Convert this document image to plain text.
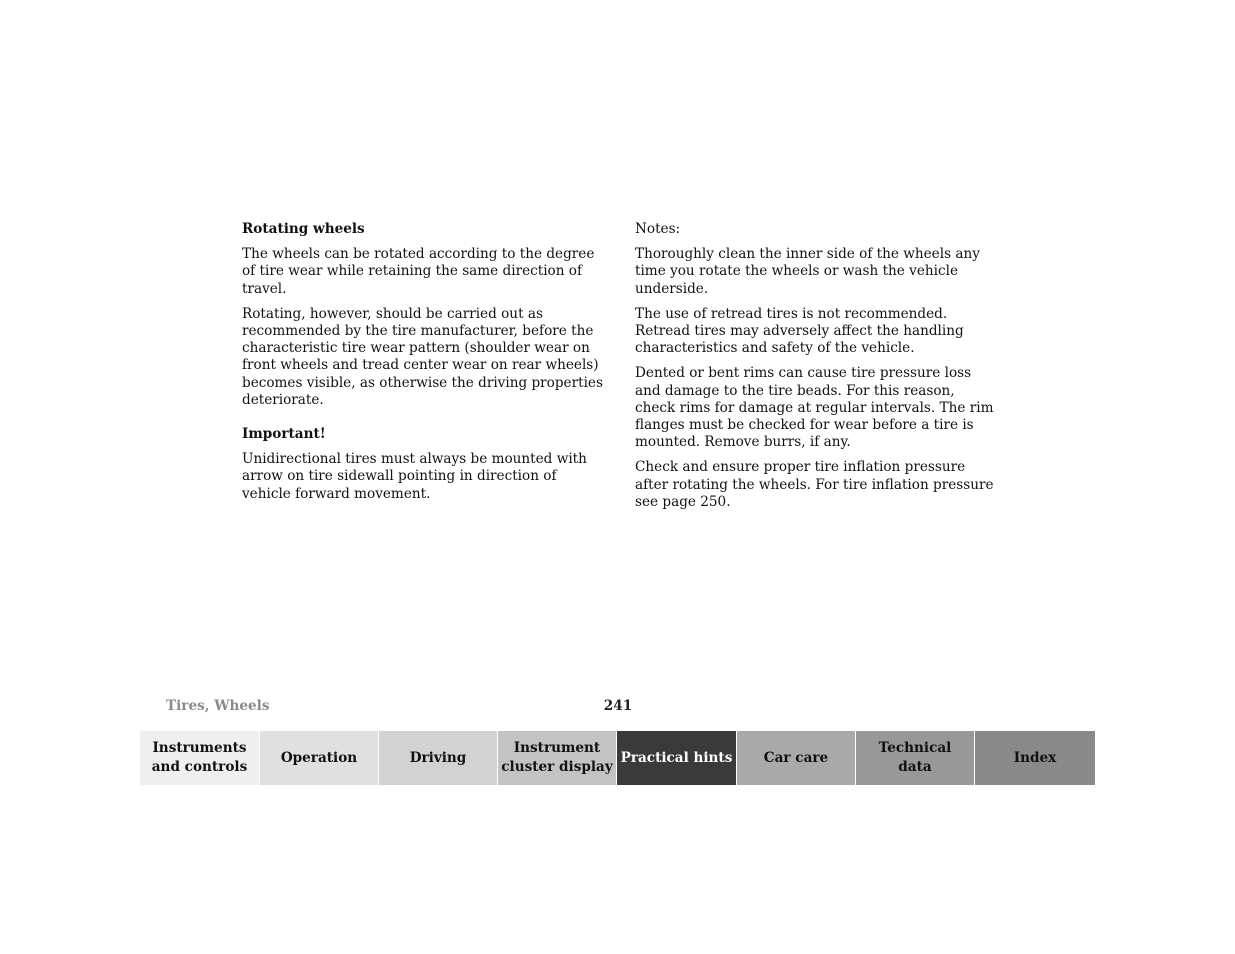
Rotating wheels

The wheels can be rotated according to the degree of tire wear while retaining the same direction of travel.

Rotating, however, should be carried out as recommended by the tire manufacturer, before the characteristic tire wear pattern (shoulder wear on front wheels and tread center wear on rear wheels) becomes visible, as otherwise the driving properties deteriorate.

Important!

Unidirectional tires must always be mounted with arrow on tire sidewall pointing in direction of vehicle forward movement.

Notes:

Thoroughly clean the inner side of the wheels any time you rotate the wheels or wash the vehicle underside.

The use of retread tires is not recommended. Retread tires may adversely affect the handling characteristics and safety of the vehicle.

Dented or bent rims can cause tire pressure loss and damage to the tire beads. For this reason, check rims for damage at regular intervals. The rim flanges must be checked for wear before a tire is mounted. Remove burrs, if any.

Check and ensure proper tire inflation pressure after rotating the wheels. For tire inflation pressure see page 250.

Tires, Wheels	241
Instruments
and controls
Operation	Driving
Instrument
cluster display
Practical hints	Car care
Technical
data
Index
